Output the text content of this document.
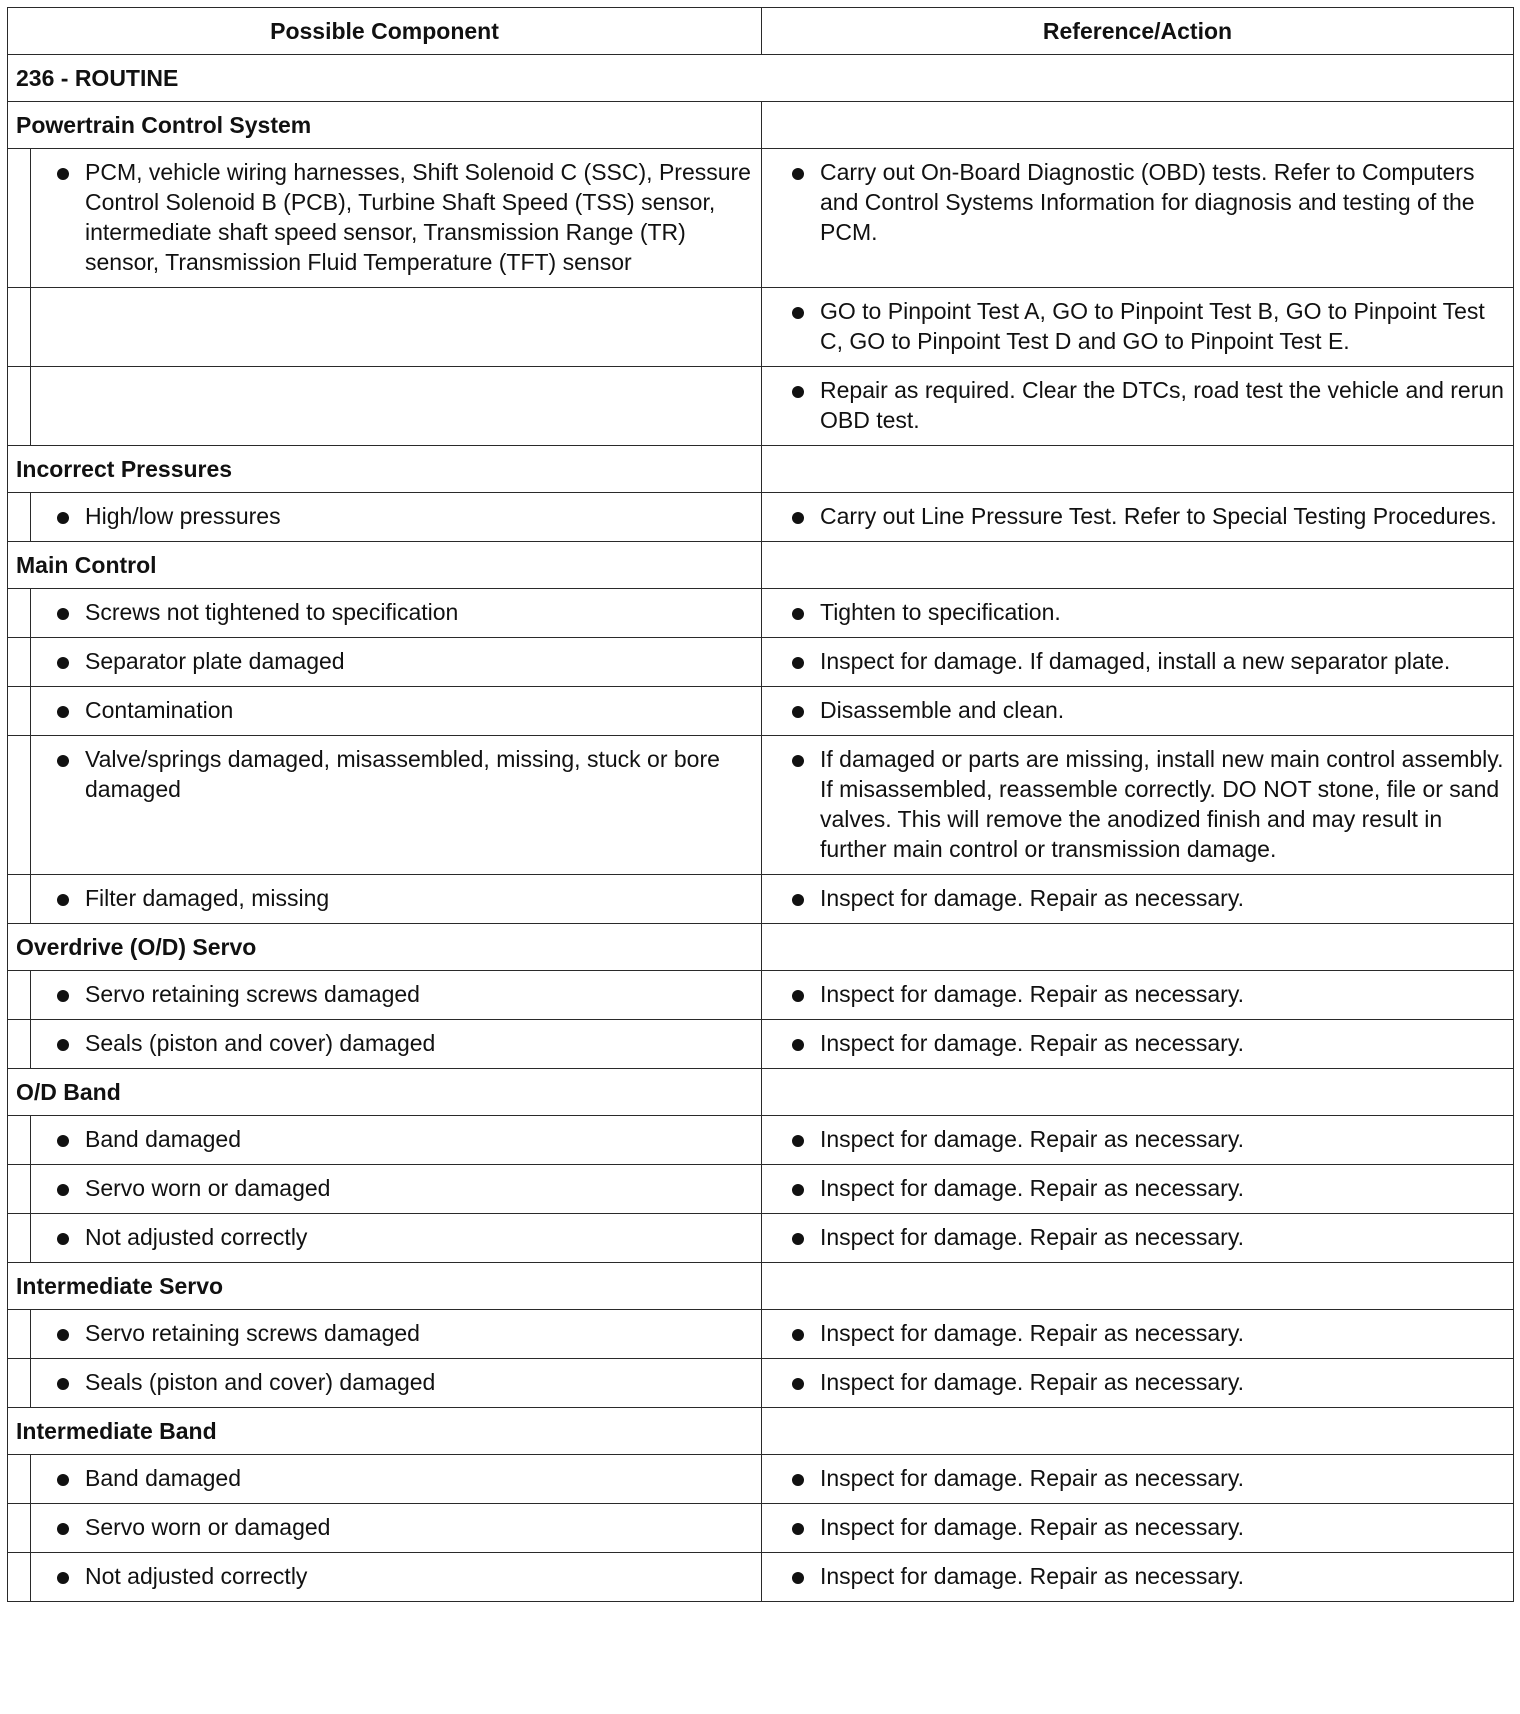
Possible Component		Reference/Action
236 - ROUTINE		
Powertrain Control System		

	PCM, vehicle wiring harnesses, Shift Solenoid C (SSC), Pressure Control Solenoid B (PCB), Turbine Shaft Speed (TSS) sensor, intermediate shaft speed sensor, Transmission Range (TR) sensor, Transmission Fluid Temperature (TFT) sensor	Carry out On-Board Diagnostic (OBD) tests. Refer to Computers and Control Systems Information for diagnosis and testing of the PCM.

		GO to Pinpoint Test A, GO to Pinpoint Test B, GO to Pinpoint Test C, GO to Pinpoint Test D and GO to Pinpoint Test E.

		Repair as required. Clear the DTCs, road test the vehicle and rerun OBD test.

Incorrect Pressures		

	High/low pressures	Carry out Line Pressure Test. Refer to Special Testing Procedures.

Main Control		

	Screws not tightened to specification	Tighten to specification.

	Separator plate damaged	Inspect for damage. If damaged, install a new separator plate.

	Contamination	Disassemble and clean.

	Valve/springs damaged, misassembled, missing, stuck or bore damaged	If damaged or parts are missing, install new main control assembly. If misassembled, reassemble correctly. DO NOT stone, file or sand valves. This will remove the anodized finish and may result in further main control or transmission damage.

	Filter damaged, missing	Inspect for damage. Repair as necessary.

Overdrive (O/D) Servo		

	Servo retaining screws damaged	Inspect for damage. Repair as necessary.

	Seals (piston and cover) damaged	Inspect for damage. Repair as necessary.

O/D Band		

	Band damaged	Inspect for damage. Repair as necessary.

	Servo worn or damaged	Inspect for damage. Repair as necessary.

	Not adjusted correctly	Inspect for damage. Repair as necessary.

Intermediate Servo		

	Servo retaining screws damaged	Inspect for damage. Repair as necessary.

	Seals (piston and cover) damaged	Inspect for damage. Repair as necessary.

Intermediate Band		

	Band damaged	Inspect for damage. Repair as necessary.

	Servo worn or damaged	Inspect for damage. Repair as necessary.

	Not adjusted correctly	Inspect for damage. Repair as necessary.
